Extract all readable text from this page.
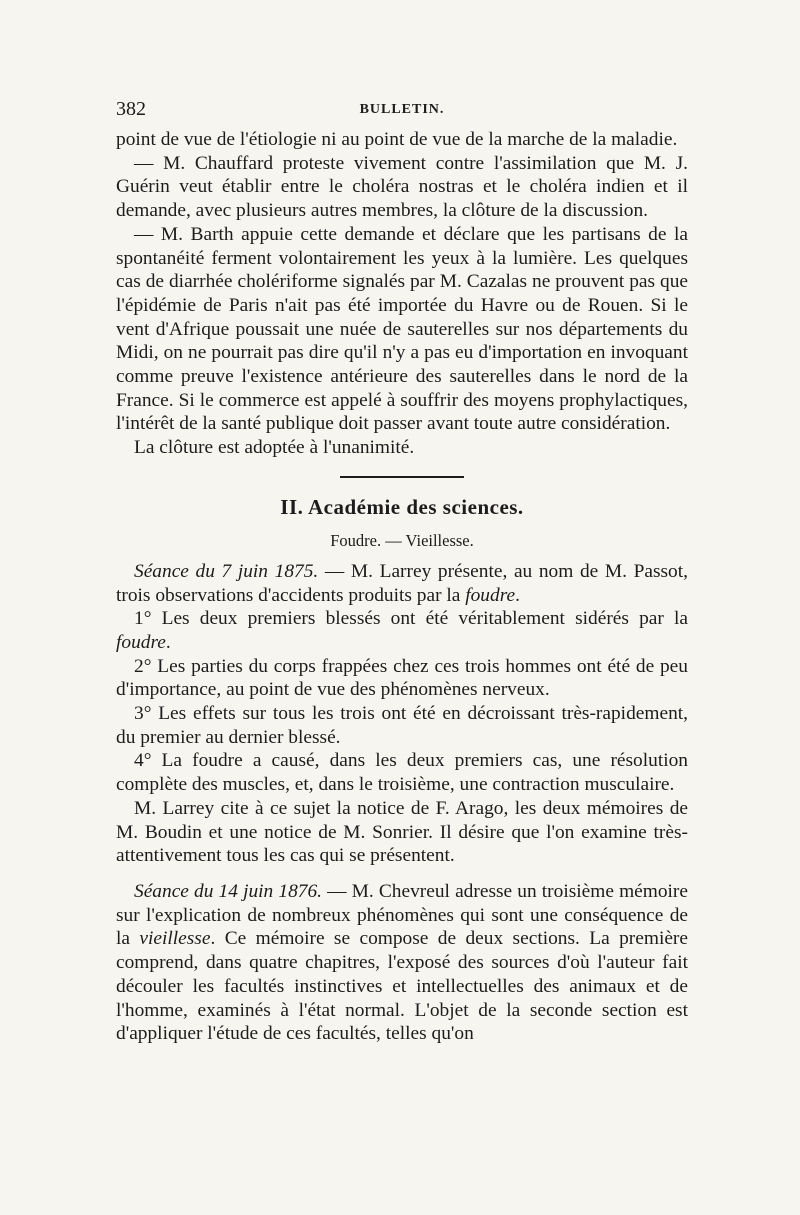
382	BULLETIN.

point de vue de l'étiologie ni au point de vue de la marche de la maladie.

— M. Chauffard proteste vivement contre l'assimilation que M. J. Guérin veut établir entre le choléra nostras et le choléra indien et il demande, avec plusieurs autres membres, la clôture de la discussion.

— M. Barth appuie cette demande et déclare que les partisans de la spontanéité ferment volontairement les yeux à la lumière. Les quelques cas de diarrhée cholériforme signalés par M. Cazalas ne prouvent pas que l'épidémie de Paris n'ait pas été importée du Havre ou de Rouen. Si le vent d'Afrique poussait une nuée de sauterelles sur nos départements du Midi, on ne pourrait pas dire qu'il n'y a pas eu d'importation en invoquant comme preuve l'existence antérieure des sauterelles dans le nord de la France. Si le commerce est appelé à souffrir des moyens prophylactiques, l'intérêt de la santé publique doit passer avant toute autre considération.

La clôture est adoptée à l'unanimité.

II. Académie des sciences.

Foudre. — Vieillesse.

Séance du 7 juin 1875. — M. Larrey présente, au nom de M. Passot, trois observations d'accidents produits par la foudre.

1° Les deux premiers blessés ont été véritablement sidérés par la foudre.

2° Les parties du corps frappées chez ces trois hommes ont été de peu d'importance, au point de vue des phénomènes nerveux.

3° Les effets sur tous les trois ont été en décroissant très-rapidement, du premier au dernier blessé.

4° La foudre a causé, dans les deux premiers cas, une résolution complète des muscles, et, dans le troisième, une contraction musculaire.

M. Larrey cite à ce sujet la notice de F. Arago, les deux mémoires de M. Boudin et une notice de M. Sonrier. Il désire que l'on examine très-attentivement tous les cas qui se présentent.

Séance du 14 juin 1876. — M. Chevreul adresse un troisième mémoire sur l'explication de nombreux phénomènes qui sont une conséquence de la vieillesse. Ce mémoire se compose de deux sections. La première comprend, dans quatre chapitres, l'exposé des sources d'où l'auteur fait découler les facultés instinctives et intellectuelles des animaux et de l'homme, examinés à l'état normal. L'objet de la seconde section est d'appliquer l'étude de ces facultés, telles qu'on
